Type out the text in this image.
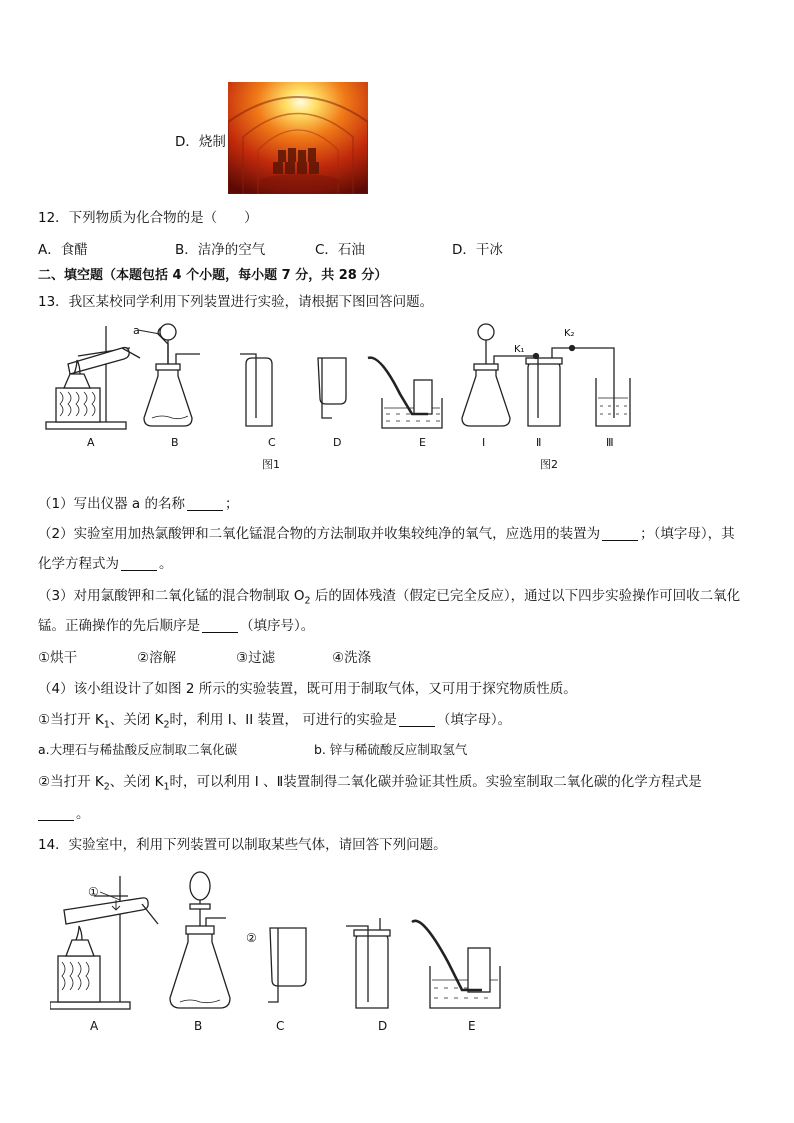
D．烧制
12．下列物质为化合物的是（　　）
A．食醋	B．洁净的空气	C．石油	D．干冰
二、填空题（本题包括 4 个小题，每小题 7 分，共 28 分）
13．我区某校同学利用下列装置进行实验，请根据下图回答问题。
a
K₁
K₂
A	B	C	D	E	Ⅰ	Ⅱ	Ⅲ
图1	图2
（1）写出仪器 a 的名称	；
（2）实验室用加热氯酸钾和二氧化锰混合物的方法制取并收集较纯净的氧气，应选用的装置为	；（填字母），其
化学方程式为	。
（3）对用氯酸钾和二氧化锰的混合物制取 $O_2$ 后的固体残渣（假定已完全反应），通过以下四步实验操作可回收二氧化
锰。正确操作的先后顺序是	（填序号）。
①烘干	②溶解	③过滤	④洗涤
（4）该小组设计了如图 2 所示的实验装置，既可用于制取气体，又可用于探究物质性质。
①当打开 $K_1$、关闭 $K_2$时，利用 I、II 装置， 可进行的实验是	（填字母）。
a.大理石与稀盐酸反应制取二氧化碳	b. 锌与稀硫酸反应制取氢气
②当打开 $K_2$、关闭 $K_1$时，可以利用 I 、Ⅱ装置制得二氧化碳并验证其性质。实验室制取二氧化碳的化学方程式是
。
14．实验室中，利用下列装置可以制取某些气体，请回答下列问题。
①
②
A	B	C	D	E
